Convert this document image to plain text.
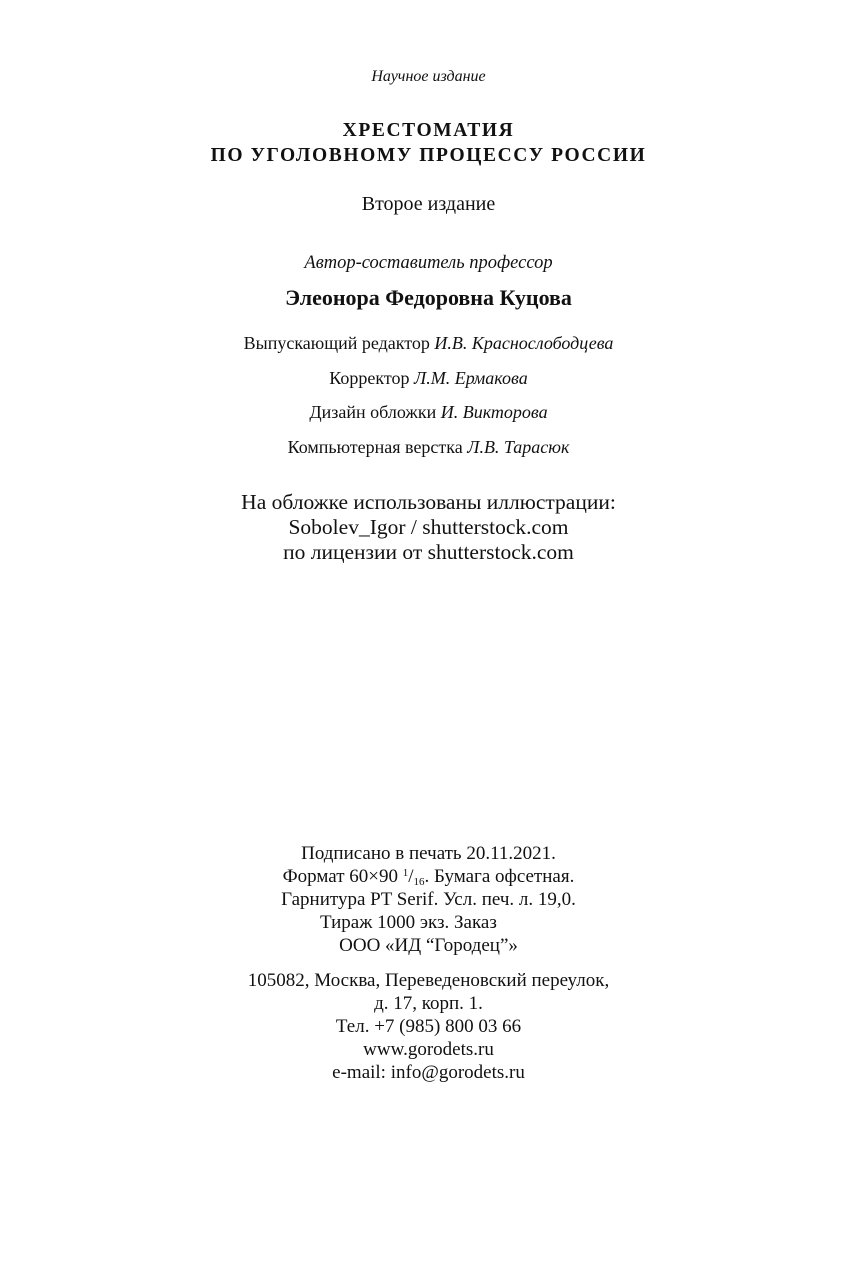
Научное издание
ХРЕСТОМАТИЯ
ПО УГОЛОВНОМУ ПРОЦЕССУ РОССИИ
Второе издание
Автор-составитель профессор
Элеонора Федоровна Куцова
Выпускающий редактор И.В. Краснослободцева
Корректор Л.М. Ермакова
Дизайн обложки И. Викторова
Компьютерная верстка Л.В. Тарасюк
На обложке использованы иллюстрации:
Sobolev_Igor / shutterstock.com
по лицензии от shutterstock.com
Подписано в печать 20.11.2021.
Формат 60×90 $^1/_{16}$. Бумага офсетная.
Гарнитура PT Serif. Усл. печ. л. 19,0.
Тираж 1000 экз. Заказ
ООО «ИД “Городец”»
105082, Москва, Переведеновский переулок,
д. 17, корп. 1.
Тел. +7 (985) 800 03 66
www.gorodets.ru
e-mail: info@gorodets.ru
